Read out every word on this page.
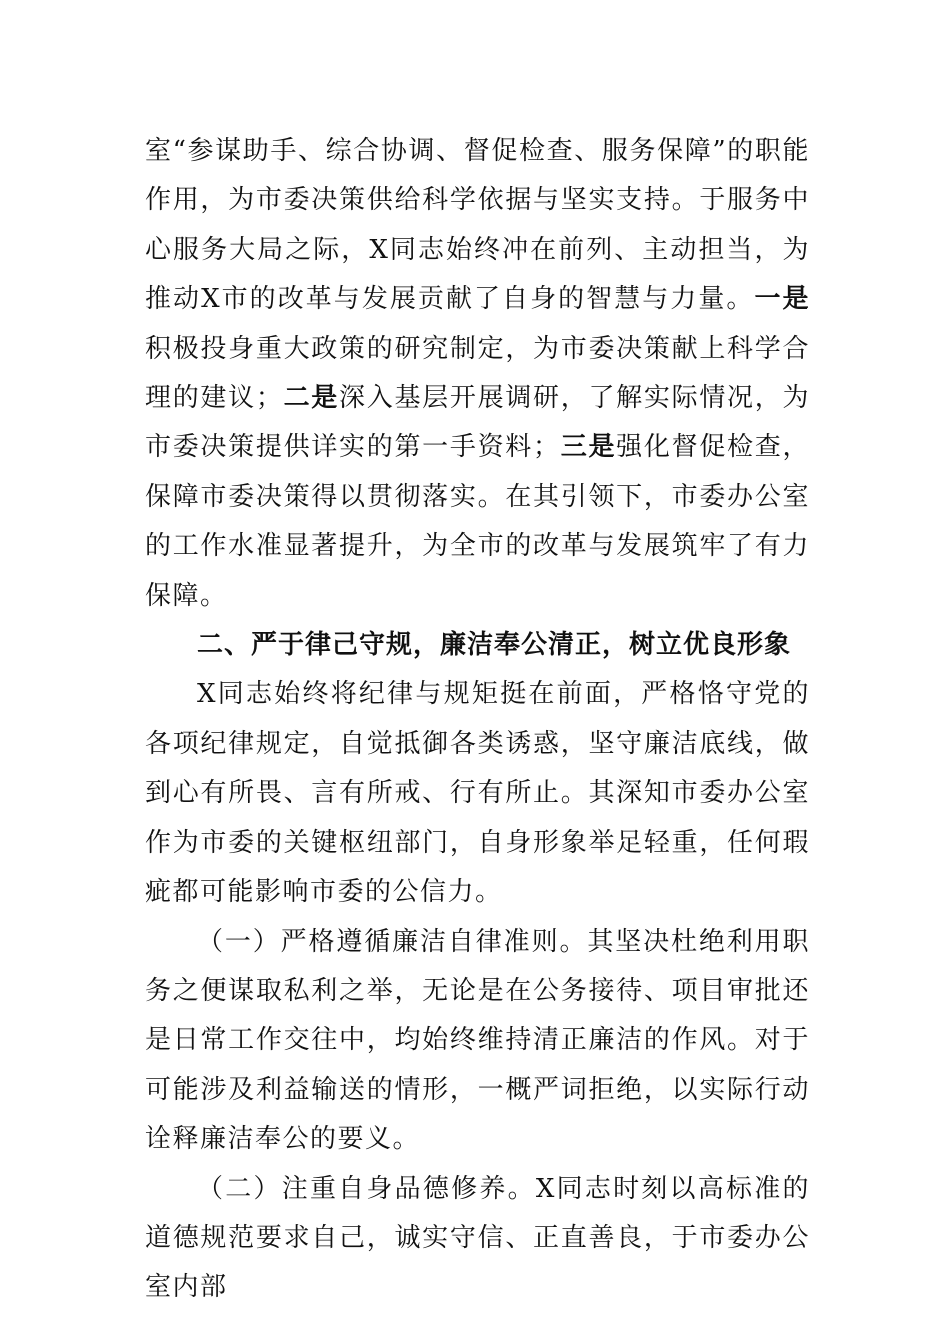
室“参谋助手、综合协调、督促检查、服务保障”的职能作用，为市委决策供给科学依据与坚实支持。于服务中心服务大局之际，X同志始终冲在前列、主动担当，为推动X市的改革与发展贡献了自身的智慧与力量。一是积极投身重大政策的研究制定，为市委决策献上科学合理的建议；二是深入基层开展调研，了解实际情况，为市委决策提供详实的第一手资料；三是强化督促检查，保障市委决策得以贯彻落实。在其引领下，市委办公室的工作水准显著提升，为全市的改革与发展筑牢了有力保障。

二、严于律己守规，廉洁奉公清正，树立优良形象

X同志始终将纪律与规矩挺在前面，严格恪守党的各项纪律规定，自觉抵御各类诱惑，坚守廉洁底线，做到心有所畏、言有所戒、行有所止。其深知市委办公室作为市委的关键枢纽部门，自身形象举足轻重，任何瑕疵都可能影响市委的公信力。

（一）严格遵循廉洁自律准则。其坚决杜绝利用职务之便谋取私利之举，无论是在公务接待、项目审批还是日常工作交往中，均始终维持清正廉洁的作风。对于可能涉及利益输送的情形，一概严词拒绝，以实际行动诠释廉洁奉公的要义。

（二）注重自身品德修养。X同志时刻以高标准的道德规范要求自己，诚实守信、正直善良，于市委办公室内部
